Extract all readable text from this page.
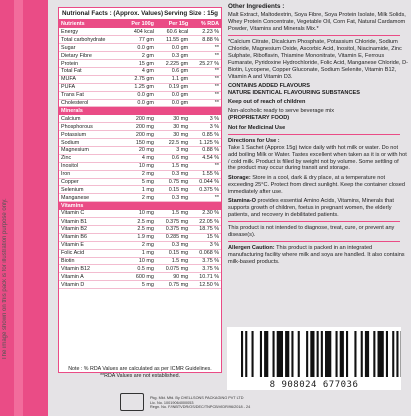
The image shown on this pack is for illustration purpose only.
Nutrional Facts : (Approx. Values) Serving Size : 15g
Nutrients	Per 100g	Per 15g	% RDA
Energy	404 kcal	60.6 kcal	2.23 %
Total carbohydrate	77 gm	11.55 gm	8.88 %
Sugar	0.0 gm	0.0 gm	**
Dietary Fibre	2 gm	0.3 gm	**
Protein	15 gm	2.225 gm	25.27 %
Total Fat	4 gm	0.6 gm	**
MUFA	2.75 gm	1.1 gm	**
PUFA	1.25 gm	0.19 gm	**
Trans Fat	0.0 gm	0.0 gm	**
Cholesterol	0.0 gm	0.0 gm	**
Minerals			
Calcium	200 mg	30 mg	3 %
Phosphorous	200 mg	30 mg	3 %
Potassium	200 mg	30 mg	0.85 %
Sodium	150 mg	22.5 mg	1.125 %
Magnesium	20 mg	3 mg	0.88 %
Zinc	4 mg	0.6 mg	4.54 %
Inositol	10 mg	1.5 mg	**
Iron	2 mg	0.3 mg	1.55 %
Copper	5 mg	0.75 mg	0.044 %
Selenium	1 mg	0.15 mg	0.375 %
Manganese	2 mg	0.3 mg	**
Vitamins			
Vitamin C	10 mg	1.5 mg	2.30 %
Vitamin B1	2.5 mg	0.375 mg	22.05 %
Vitamin B2	2.5 mg	0.375 mg	18.75 %
Vitamin B6	1.9 mg	0.285 mg	15 %
Vitamin E	2 mg	0.3 mg	3 %
Folic Acid	1 mg	0.15 mg	0.068 %
Biotin	10 mg	1.5 mg	3.75 %
Vitamin B12	0.5 mg	0.075 mg	3.75 %
Vitamin A	600 mg	90 mg	10.71 %
Vitamin D	5 mg	0.75 mg	12.50 %
Note : % RDA Values are calculated as per ICMR Guidelines.
**RDA Values are not established.
Other Ingredients :

Malt Extract, Maltodextrin, Soya Fibre, Soya Protein Isolate, Milk Solids, Whey Protein Concentrate, Vegetable Oil, Corn Fat, Natural Cardamom Powder, Vitamins and Minerals Mix.*

*Calcium Citrate, Dicalcium Phosphate, Potassium Chloride, Sodium Chloride, Magnesium Oxide, Ascorbic Acid, Inositol, Niacinamide, Zinc Sulphate, Riboflavin, Thiamine Mononitrate, Vitamin E, Ferrous Fumarate, Pyridoxine Hydrochloride, Folic Acid, Manganese Chloride, D-Biotin, Lycopene, Copper Gluconate, Sodium Selenite, Vitamin B12, Vitamin A and Vitamin D3.

CONTAINS ADDED FLAVOURS

NATURE IDENTICAL FLAVOURING SUBSTANCES

Keep out of reach of children

Non-alcoholic ready to serve beverage mix

(PROPRIETARY FOOD)

Not for Medicinal Use

Directions for Use :

Take 1 Sachet (Approx 15g) twice daily with hot milk or water. Do not add boiling Milk or Water. Tastes excellent when taken as it is or with hot / cold milk. Product is filled by weight not by volume. Some settling of the product may occur during transit and storage.

Storage: Store in a cool, dark & dry place, at a temperature not exceeding 25°C. Protect from direct sunlight. Keep the container closed immediately after use.

Stamina-O provides essential Amino Acids, Vitamins, Minerals that supports growth of children, foetus in pregnant women, the elderly patients, and recovery in debilitated patients.

This product is not intended to diagnose, treat, cure, or prevent any disease(s).

Allergen Caution: This product is packed in an integrated manufacturing facility where milk and soya are handled. It also contains milk-based products.

8 908024 677036
Pkg. Mkt. Mfd. By CHELLSONS PACKAGING PVT LTD
Lic. No. 10019064000053
Regn. No. F/INBTVDR/OS/DEC/TNPCB/VIDR/96/2018 - 24
